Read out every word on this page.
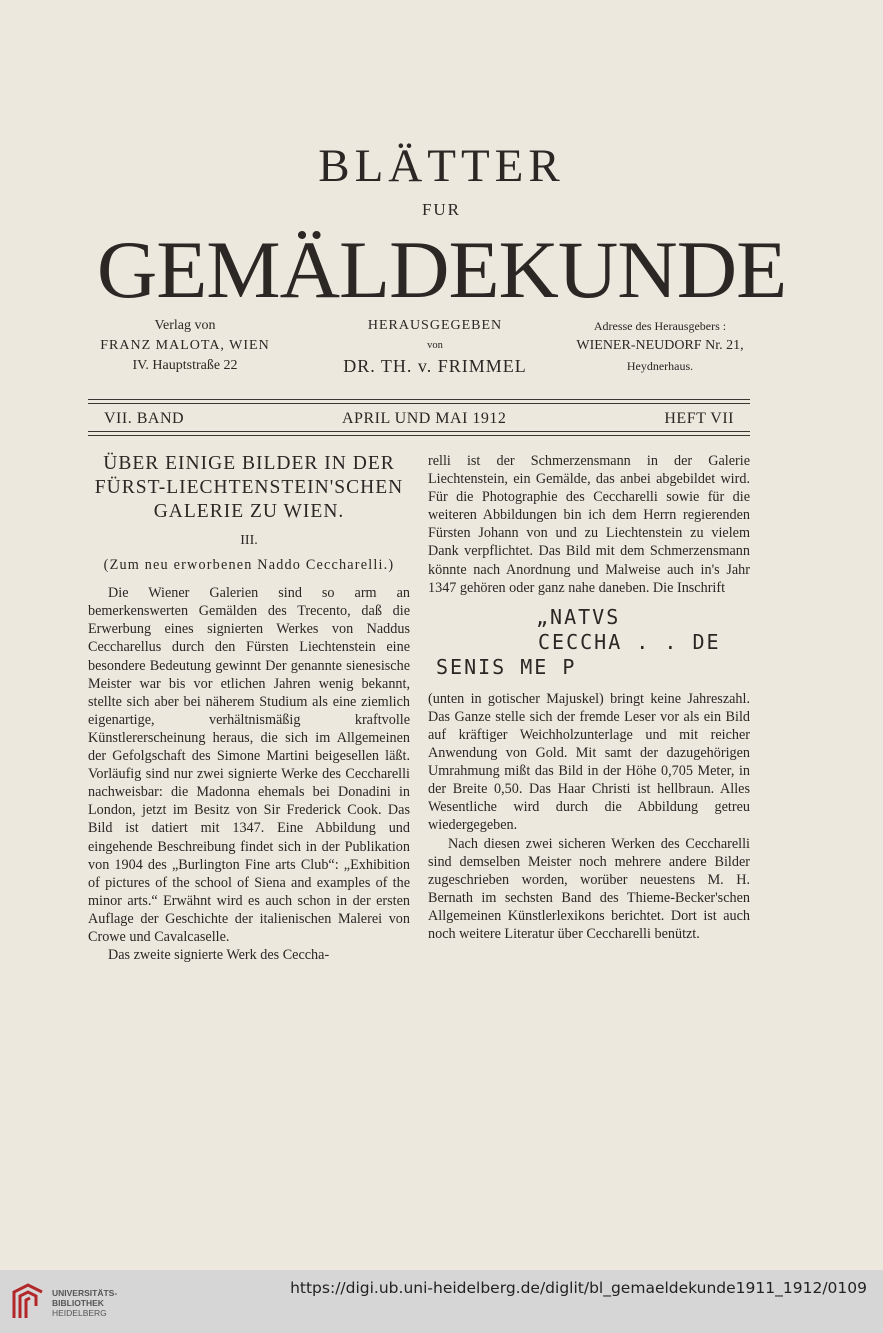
BLÄTTER
FUR
GEMÄLDEKUNDE
Verlag von
FRANZ MALOTA, WIEN
IV. Hauptstraße 22
HERAUSGEGEBEN
von
DR. TH. v. FRIMMEL
Adresse des Herausgebers :
WIENER-NEUDORF Nr. 21,
Heydnerhaus.
VII. BAND	APRIL UND MAI 1912	HEFT VII
ÜBER EINIGE BILDER IN DER
FÜRST-LIECHTENSTEIN'SCHEN
GALERIE ZU WIEN.
III.
(Zum neu erworbenen Naddo Ceccharelli.)

Die Wiener Galerien sind so arm an bemerkenswerten Gemälden des Trecento, daß die Erwerbung eines signierten Werkes von Naddus Ceccharellus durch den Fürsten Liechtenstein eine besondere Bedeutung gewinnt Der genannte sienesische Meister war bis vor etlichen Jahren wenig bekannt, stellte sich aber bei näherem Studium als eine ziemlich eigenartige, verhältnismäßig kraftvolle Künstlererscheinung heraus, die sich im Allgemeinen der Gefolgschaft des Simone Martini beigesellen läßt. Vorläufig sind nur zwei signierte Werke des Ceccharelli nachweisbar: die Madonna ehemals bei Donadini in London, jetzt im Besitz von Sir Frederick Cook. Das Bild ist datiert mit 1347. Eine Abbildung und eingehende Beschreibung findet sich in der Publikation von 1904 des „Burlington Fine arts Club“: „Exhibition of pictures of the school of Siena and examples of the minor arts.“ Erwähnt wird es auch schon in der ersten Auflage der Geschichte der italienischen Malerei von Crowe und Cavalcaselle.

Das zweite signierte Werk des Ceccha-

relli ist der Schmerzensmann in der Galerie Liechtenstein, ein Gemälde, das anbei abgebildet wird. Für die Photographie des Ceccharelli sowie für die weiteren Abbildungen bin ich dem Herrn regierenden Fürsten Johann von und zu Liechtenstein zu vielem Dank verpflichtet. Das Bild mit dem Schmerzensmann könnte nach Anordnung und Malweise auch in's Jahr 1347 gehören oder ganz nahe daneben. Die Inschrift

„NATVS
CECCHA . . DE
SENIS ME P

(unten in gotischer Majuskel) bringt keine Jahreszahl. Das Ganze stelle sich der fremde Leser vor als ein Bild auf kräftiger Weichholzunterlage und mit reicher Anwendung von Gold. Mit samt der dazugehörigen Umrahmung mißt das Bild in der Höhe 0,705 Meter, in der Breite 0,50. Das Haar Christi ist hellbraun. Alles Wesentliche wird durch die Abbildung getreu wiedergegeben.

Nach diesen zwei sicheren Werken des Ceccharelli sind demselben Meister noch mehrere andere Bilder zugeschrieben worden, worüber neuestens M. H. Bernath im sechsten Band des Thieme-Becker'schen Allgemeinen Künstlerlexikons berichtet. Dort ist auch noch weitere Literatur über Ceccharelli benützt.

UNIVERSITÄTS-
BIBLIOTHEK
HEIDELBERG
https://digi.ub.uni-heidelberg.de/diglit/bl_gemaeldekunde1911_1912/0109
